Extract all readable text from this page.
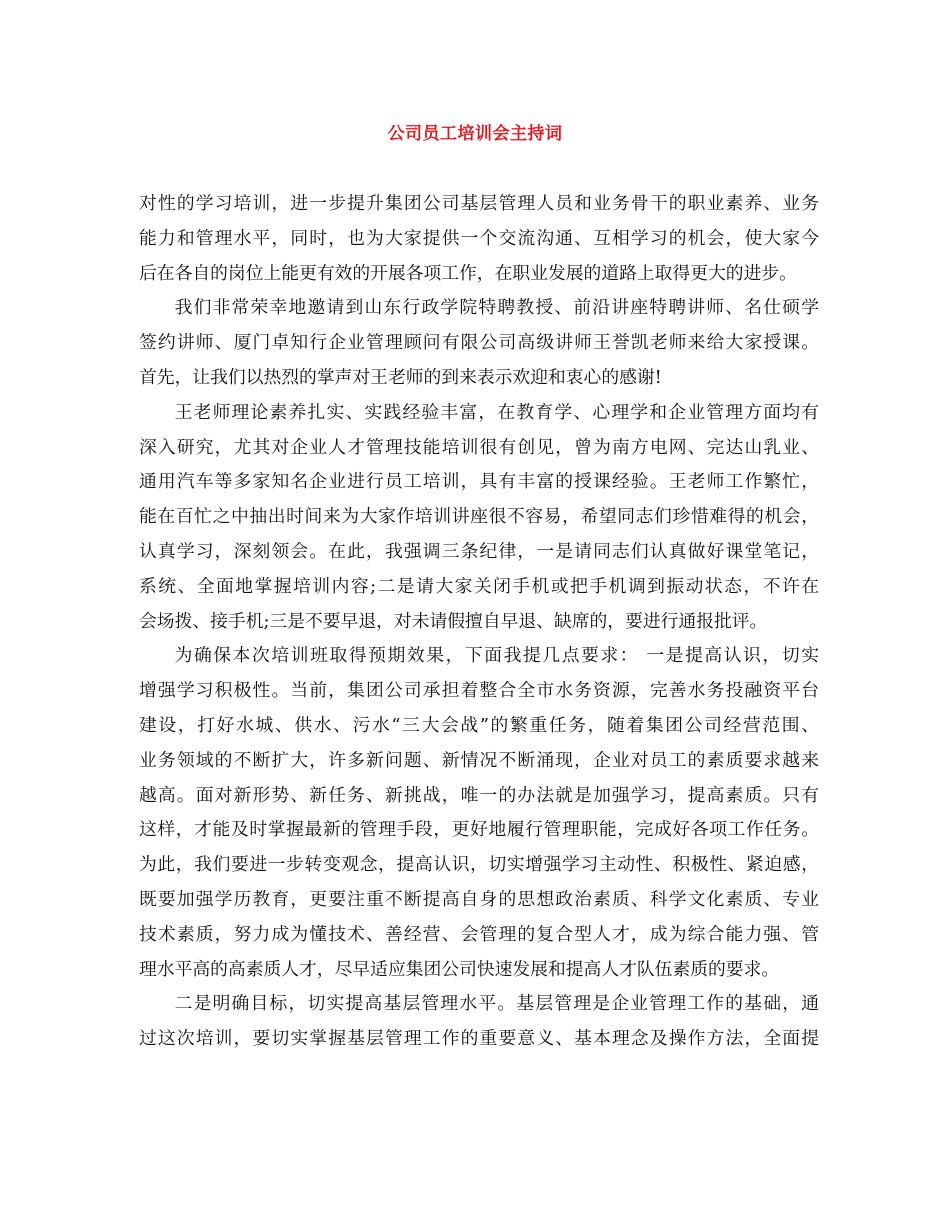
公司员工培训会主持词
对性的学习培训，进一步提升集团公司基层管理人员和业务骨干的职业素养、业务
能力和管理水平，同时，也为大家提供一个交流沟通、互相学习的机会，使大家今
后在各自的岗位上能更有效的开展各项工作，在职业发展的道路上取得更大的进步。
我们非常荣幸地邀请到山东行政学院特聘教授、前沿讲座特聘讲师、名仕硕学
签约讲师、厦门卓知行企业管理顾问有限公司高级讲师王誉凯老师来给大家授课。
首先，让我们以热烈的掌声对王老师的到来表示欢迎和衷心的感谢!
王老师理论素养扎实、实践经验丰富，在教育学、心理学和企业管理方面均有
深入研究，尤其对企业人才管理技能培训很有创见，曾为南方电网、完达山乳业、
通用汽车等多家知名企业进行员工培训，具有丰富的授课经验。王老师工作繁忙，
能在百忙之中抽出时间来为大家作培训讲座很不容易，希望同志们珍惜难得的机会，
认真学习，深刻领会。在此，我强调三条纪律，一是请同志们认真做好课堂笔记，
系统、全面地掌握培训内容;二是请大家关闭手机或把手机调到振动状态，不许在
会场拨、接手机;三是不要早退，对未请假擅自早退、缺席的，要进行通报批评。
为确保本次培训班取得预期效果，下面我提几点要求： 一是提高认识，切实
增强学习积极性。当前，集团公司承担着整合全市水务资源，完善水务投融资平台
建设，打好水城、供水、污水“三大会战”的繁重任务，随着集团公司经营范围、
业务领域的不断扩大，许多新问题、新情况不断涌现，企业对员工的素质要求越来
越高。面对新形势、新任务、新挑战，唯一的办法就是加强学习，提高素质。只有
这样，才能及时掌握最新的管理手段，更好地履行管理职能，完成好各项工作任务。
为此，我们要进一步转变观念，提高认识，切实增强学习主动性、积极性、紧迫感，
既要加强学历教育，更要注重不断提高自身的思想政治素质、科学文化素质、专业
技术素质，努力成为懂技术、善经营、会管理的复合型人才，成为综合能力强、管
理水平高的高素质人才，尽早适应集团公司快速发展和提高人才队伍素质的要求。
二是明确目标，切实提高基层管理水平。基层管理是企业管理工作的基础，通
过这次培训，要切实掌握基层管理工作的重要意义、基本理念及操作方法，全面提
